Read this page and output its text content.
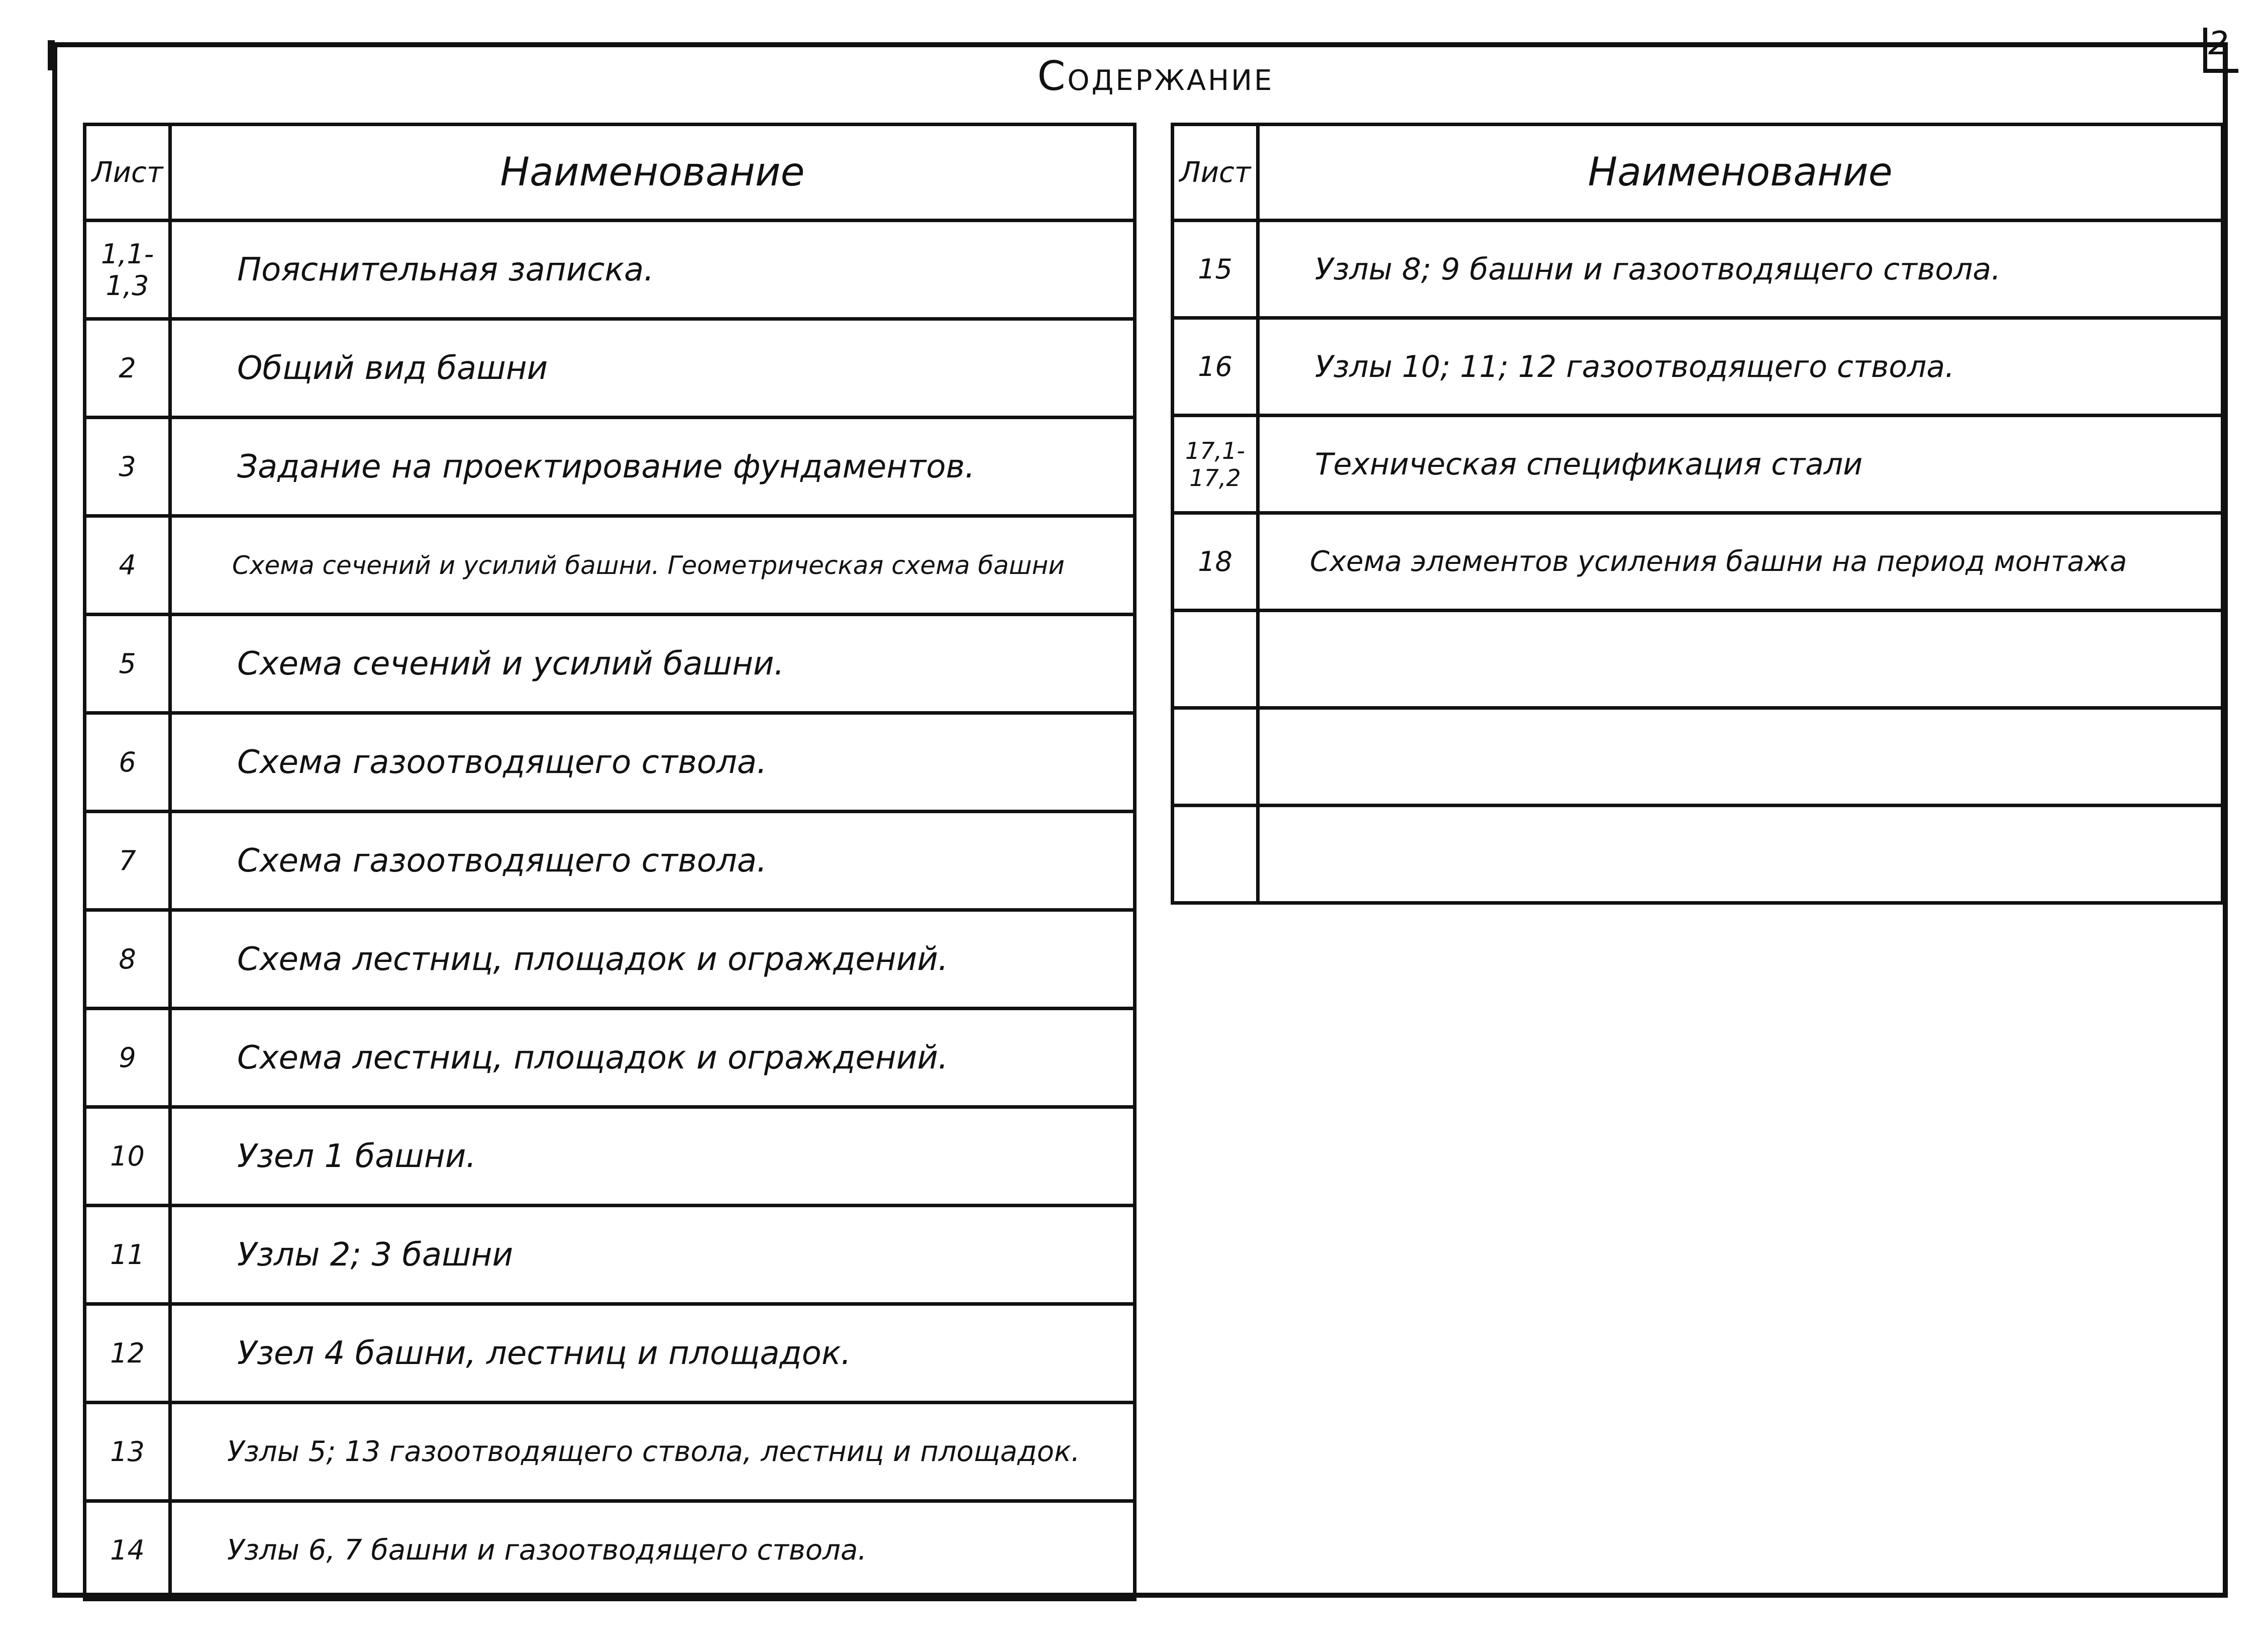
2
Содержание
Лист	Наименование
1,1-1,3	Пояснительная записка.
2	Общий вид башни
3	Задание на проектирование фундаментов.
4	Схема сечений и усилий башни. Геометрическая схема башни
5	Схема сечений и усилий башни.
6	Схема газоотводящего ствола.
7	Схема газоотводящего ствола.
8	Схема лестниц, площадок и ограждений.
9	Схема лестниц, площадок и ограждений.
10	Узел 1 башни.
11	Узлы 2; 3 башни
12	Узел 4 башни, лестниц и площадок.
13	Узлы 5; 13 газоотводящего ствола, лестниц и площадок.
14	Узлы 6, 7 башни и газоотводящего ствола.
Лист	Наименование
15	Узлы 8; 9 башни и газоотводящего ствола.
16	Узлы 10; 11; 12 газоотводящего ствола.
17,1-17,2	Техническая спецификация стали
18	Схема элементов усиления башни на период монтажа
